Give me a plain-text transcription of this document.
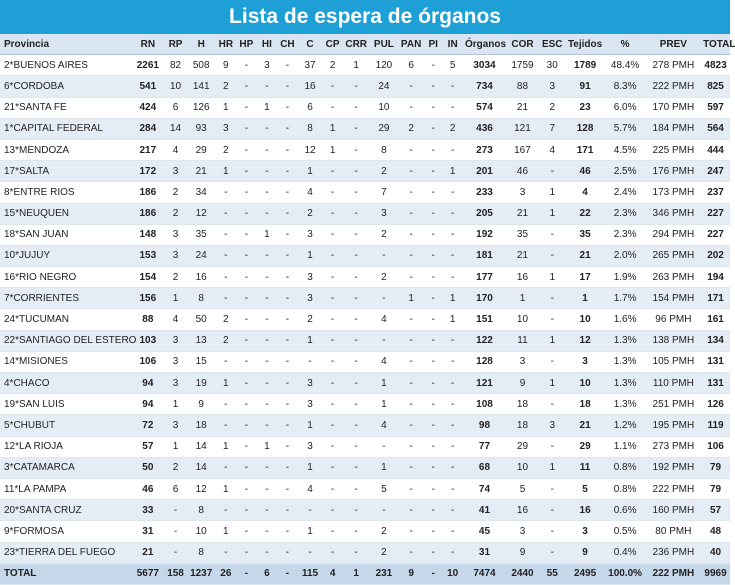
Lista de espera de órganos
Provincia	RN	RP	H	HR	HP	HI	CH	C	CP	CRR	PUL	PAN	PI	IN	Órganos	COR	ESC	Tejidos	%	PREV	TOTAL
2*BUENOS AIRES	2261	82	508	9	-	3	-	37	2	1	120	6	-	5	3034	1759	30	1789	48.4%	278 PMH	4823
6*CORDOBA	541	10	141	2	-	-	-	16	-	-	24	-	-	-	734	88	3	91	8.3%	222 PMH	825
21*SANTA FE	424	6	126	1	-	1	-	6	-	-	10	-	-	-	574	21	2	23	6.0%	170 PMH	597
1*CAPITAL FEDERAL	284	14	93	3	-	-	-	8	1	-	29	2	-	2	436	121	7	128	5.7%	184 PMH	564
13*MENDOZA	217	4	29	2	-	-	-	12	1	-	8	-	-	-	273	167	4	171	4.5%	225 PMH	444
17*SALTA	172	3	21	1	-	-	-	1	-	-	2	-	-	1	201	46	-	46	2.5%	176 PMH	247
8*ENTRE RIOS	186	2	34	-	-	-	-	4	-	-	7	-	-	-	233	3	1	4	2.4%	173 PMH	237
15*NEUQUEN	186	2	12	-	-	-	-	2	-	-	3	-	-	-	205	21	1	22	2.3%	346 PMH	227
18*SAN JUAN	148	3	35	-	-	1	-	3	-	-	2	-	-	-	192	35	-	35	2.3%	294 PMH	227
10*JUJUY	153	3	24	-	-	-	-	1	-	-	-	-	-	-	181	21	-	21	2.0%	265 PMH	202
16*RIO NEGRO	154	2	16	-	-	-	-	3	-	-	2	-	-	-	177	16	1	17	1.9%	263 PMH	194
7*CORRIENTES	156	1	8	-	-	-	-	3	-	-	-	1	-	1	170	1	-	1	1.7%	154 PMH	171
24*TUCUMAN	88	4	50	2	-	-	-	2	-	-	4	-	-	1	151	10	-	10	1.6%	96 PMH	161
22*SANTIAGO DEL ESTERO	103	3	13	2	-	-	-	1	-	-	-	-	-	-	122	11	1	12	1.3%	138 PMH	134
14*MISIONES	106	3	15	-	-	-	-	-	-	-	4	-	-	-	128	3	-	3	1.3%	105 PMH	131
4*CHACO	94	3	19	1	-	-	-	3	-	-	1	-	-	-	121	9	1	10	1.3%	110 PMH	131
19*SAN LUIS	94	1	9	-	-	-	-	3	-	-	1	-	-	-	108	18	-	18	1.3%	251 PMH	126
5*CHUBUT	72	3	18	-	-	-	-	1	-	-	4	-	-	-	98	18	3	21	1.2%	195 PMH	119
12*LA RIOJA	57	1	14	1	-	1	-	3	-	-	-	-	-	-	77	29	-	29	1.1%	273 PMH	106
3*CATAMARCA	50	2	14	-	-	-	-	1	-	-	1	-	-	-	68	10	1	11	0.8%	192 PMH	79
11*LA PAMPA	46	6	12	1	-	-	-	4	-	-	5	-	-	-	74	5	-	5	0.8%	222 PMH	79
20*SANTA CRUZ	33	-	8	-	-	-	-	-	-	-	-	-	-	-	41	16	-	16	0.6%	160 PMH	57
9*FORMOSA	31	-	10	1	-	-	-	1	-	-	2	-	-	-	45	3	-	3	0.5%	80 PMH	48
23*TIERRA DEL FUEGO	21	-	8	-	-	-	-	-	-	-	2	-	-	-	31	9	-	9	0.4%	236 PMH	40
TOTAL	5677	158	1237	26	-	6	-	115	4	1	231	9	-	10	7474	2440	55	2495	100.0%	222 PMH	9969
